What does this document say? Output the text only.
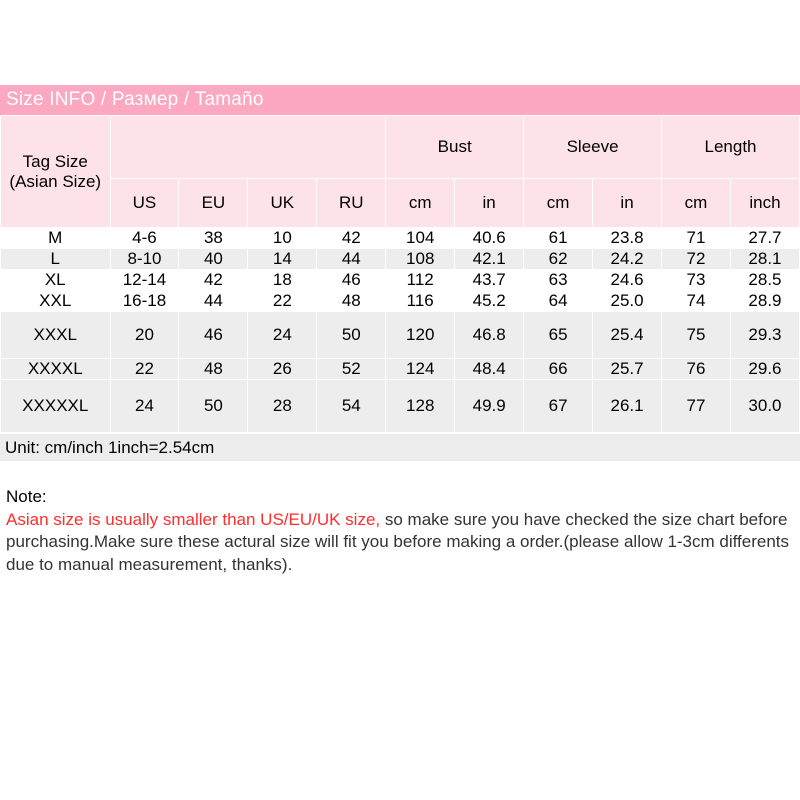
Size INFO / Размер / Tamaño
Tag Size (Asian Size)					Bust		Sleeve		Length	
	US	EU	UK	RU	cm	in	cm	in	cm	inch
M	4-6	38	10	42	104	40.6	61	23.8	71	27.7
L	8-10	40	14	44	108	42.1	62	24.2	72	28.1
XL	12-14	42	18	46	112	43.7	63	24.6	73	28.5
XXL	16-18	44	22	48	116	45.2	64	25.0	74	28.9
XXXL	20	46	24	50	120	46.8	65	25.4	75	29.3
XXXXL	22	48	26	52	124	48.4	66	25.7	76	29.6
XXXXXL	24	50	28	54	128	49.9	67	26.1	77	30.0
Unit: cm/inch 1inch=2.54cm
Note:
Asian size is usually smaller than US/EU/UK size, so make sure you have checked the size chart before purchasing.Make sure these actural size will fit you before making a order.(please allow 1-3cm differents due to manual measurement, thanks).
